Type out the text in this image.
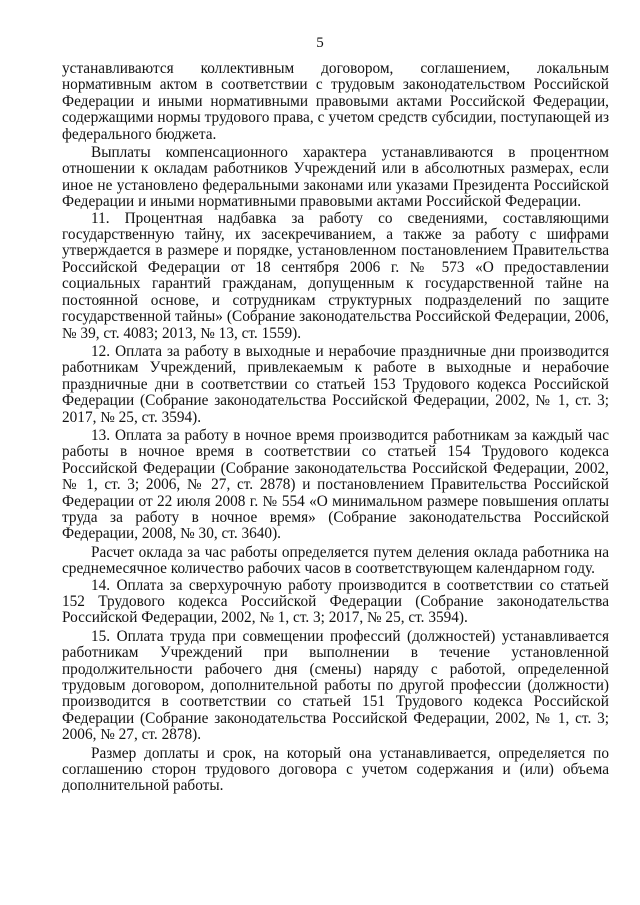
5

устанавливаются коллективным договором, соглашением, локальным нормативным актом в соответствии с трудовым законодательством Российской Федерации и иными нормативными правовыми актами Российской Федерации, содержащими нормы трудового права, с учетом средств субсидии, поступающей из федерального бюджета.

Выплаты компенсационного характера устанавливаются в процентном отношении к окладам работников Учреждений или в абсолютных размерах, если иное не установлено федеральными законами или указами Президента Российской Федерации и иными нормативными правовыми актами Российской Федерации.

11. Процентная надбавка за работу со сведениями, составляющими государственную тайну, их засекречиванием, а также за работу с шифрами утверждается в размере и порядке, установленном постановлением Правительства Российской Федерации от 18 сентября 2006 г. № 573 «О предоставлении социальных гарантий гражданам, допущенным к государственной тайне на постоянной основе, и сотрудникам структурных подразделений по защите государственной тайны» (Собрание законодательства Российской Федерации, 2006, № 39, ст. 4083; 2013, № 13, ст. 1559).

12. Оплата за работу в выходные и нерабочие праздничные дни производится работникам Учреждений, привлекаемым к работе в выходные и нерабочие праздничные дни в соответствии со статьей 153 Трудового кодекса Российской Федерации (Собрание законодательства Российской Федерации, 2002, № 1, ст. 3; 2017, № 25, ст. 3594).

13. Оплата за работу в ночное время производится работникам за каждый час работы в ночное время в соответствии со статьей 154 Трудового кодекса Российской Федерации (Собрание законодательства Российской Федерации, 2002, № 1, ст. 3; 2006, № 27, ст. 2878) и постановлением Правительства Российской Федерации от 22 июля 2008 г. № 554 «О минимальном размере повышения оплаты труда за работу в ночное время» (Собрание законодательства Российской Федерации, 2008, № 30, ст. 3640).

Расчет оклада за час работы определяется путем деления оклада работника на среднемесячное количество рабочих часов в соответствующем календарном году.

14. Оплата за сверхурочную работу производится в соответствии со статьей 152 Трудового кодекса Российской Федерации (Собрание законодательства Российской Федерации, 2002, № 1, ст. 3; 2017, № 25, ст. 3594).

15. Оплата труда при совмещении профессий (должностей) устанавливается работникам Учреждений при выполнении в течение установленной продолжительности рабочего дня (смены) наряду с работой, определенной трудовым договором, дополнительной работы по другой профессии (должности) производится в соответствии со статьей 151 Трудового кодекса Российской Федерации (Собрание законодательства Российской Федерации, 2002, № 1, ст. 3; 2006, № 27, ст. 2878).

Размер доплаты и срок, на который она устанавливается, определяется по соглашению сторон трудового договора с учетом содержания и (или) объема дополнительной работы.
